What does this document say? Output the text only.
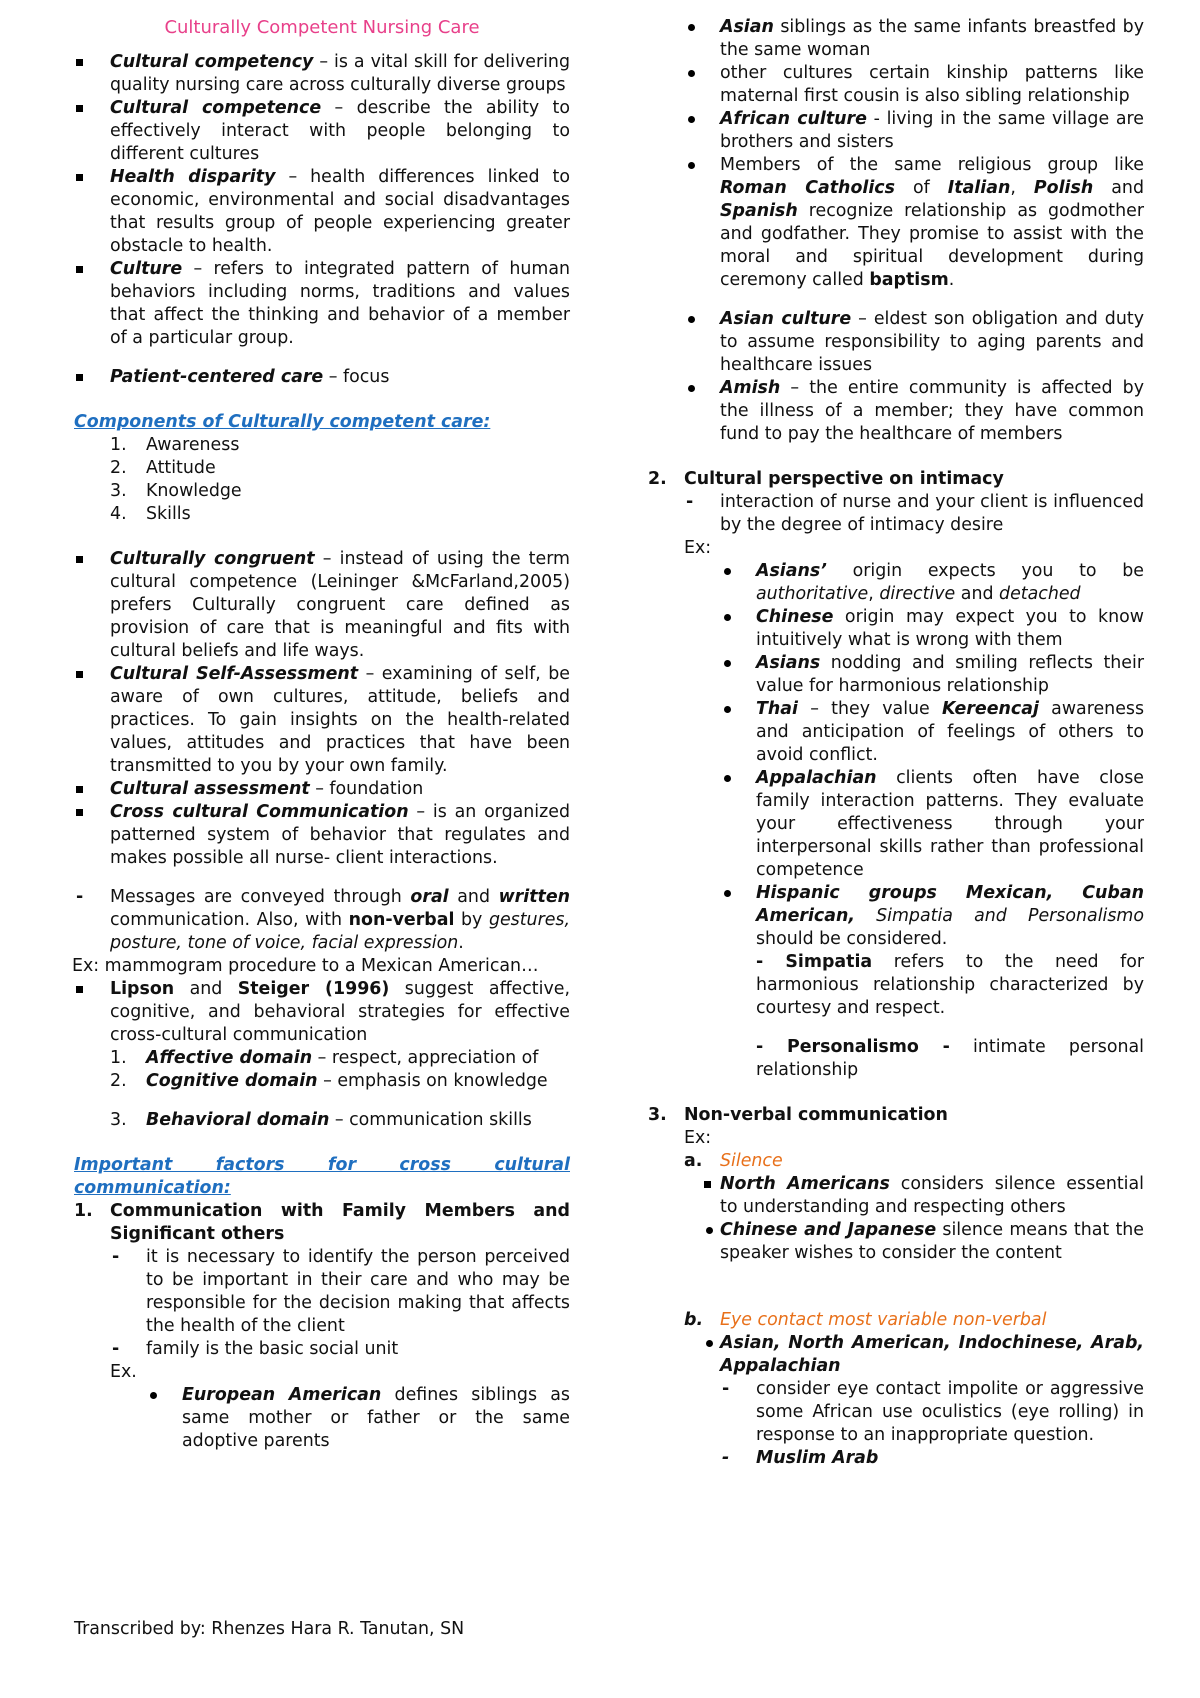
Culturally Competent Nursing Care
Cultural competency – is a vital skill for delivering quality nursing care across culturally diverse groups
Cultural competence – describe the ability to effectively interact with people belonging to different cultures
Health disparity – health differences linked to economic, environmental and social disadvantages that results group of people experiencing greater obstacle to health.
Culture – refers to integrated pattern of human behaviors including norms, traditions and values that affect the thinking and behavior of a member of a particular group.
Patient-centered care – focus

Components of Culturally competent care:

1. Awareness
2. Attitude
3. Knowledge
4. Skills
Culturally congruent – instead of using the term cultural competence (Leininger &McFarland,2005) prefers Culturally congruent care defined as provision of care that is meaningful and fits with cultural beliefs and life ways.
Cultural Self-Assessment – examining of self, be aware of own cultures, attitude, beliefs and practices. To gain insights on the health-related values, attitudes and practices that have been transmitted to you by your own family.
Cultural assessment – foundation
Cross cultural Communication – is an organized patterned system of behavior that regulates and makes possible all nurse- client interactions.

- Messages are conveyed through oral and written communication. Also, with non-verbal by gestures, posture, tone of voice, facial expression.

Ex: mammogram procedure to a Mexican American…

Lipson and Steiger (1996) suggest affective, cognitive, and behavioral strategies for effective cross-cultural communication
1. Affective domain – respect, appreciation of
2. Cognitive domain – emphasis on knowledge
3. Behavioral domain – communication skills

Important factors for cross cultural communication:

1. Communication with Family Members and Significant others

- it is necessary to identify the person perceived to be important in their care and who may be responsible for the decision making that affects the health of the client

- family is the basic social unit

Ex.

European American defines siblings as same mother or father or the same adoptive parents
Asian siblings as the same infants breastfed by the same woman
other cultures certain kinship patterns like maternal first cousin is also sibling relationship
African culture - living in the same village are brothers and sisters
Members of the same religious group like Roman Catholics of Italian, Polish and Spanish recognize relationship as godmother and godfather. They promise to assist with the moral and spiritual development during ceremony called baptism.
Asian culture – eldest son obligation and duty to assume responsibility to aging parents and healthcare issues
Amish – the entire community is affected by the illness of a member; they have common fund to pay the healthcare of members
2. Cultural perspective on intimacy

- interaction of nurse and your client is influenced by the degree of intimacy desire

Ex:

Asians’ origin expects you to be authoritative, directive and detached
Chinese origin may expect you to know intuitively what is wrong with them
Asians nodding and smiling reflects their value for harmonious relationship
Thai – they value Kereencaj awareness and anticipation of feelings of others to avoid conflict.
Appalachian clients often have close family interaction patterns. They evaluate your effectiveness through your interpersonal skills rather than professional competence
Hispanic groups Mexican, Cuban American, Simpatia and Personalismo should be considered.

- Simpatia refers to the need for harmonious relationship characterized by courtesy and respect.

- Personalismo - intimate personal relationship

3. Non-verbal communication

Ex:

a. Silence

North Americans considers silence essential to understanding and respecting others
Chinese and Japanese silence means that the speaker wishes to consider the content
b. Eye contact most variable non-verbal

Asian, North American, Indochinese, Arab, Appalachian

- consider eye contact impolite or aggressive some African use oculistics (eye rolling) in response to an inappropriate question.

- Muslim Arab

Transcribed by: Rhenzes Hara R. Tanutan, SN
